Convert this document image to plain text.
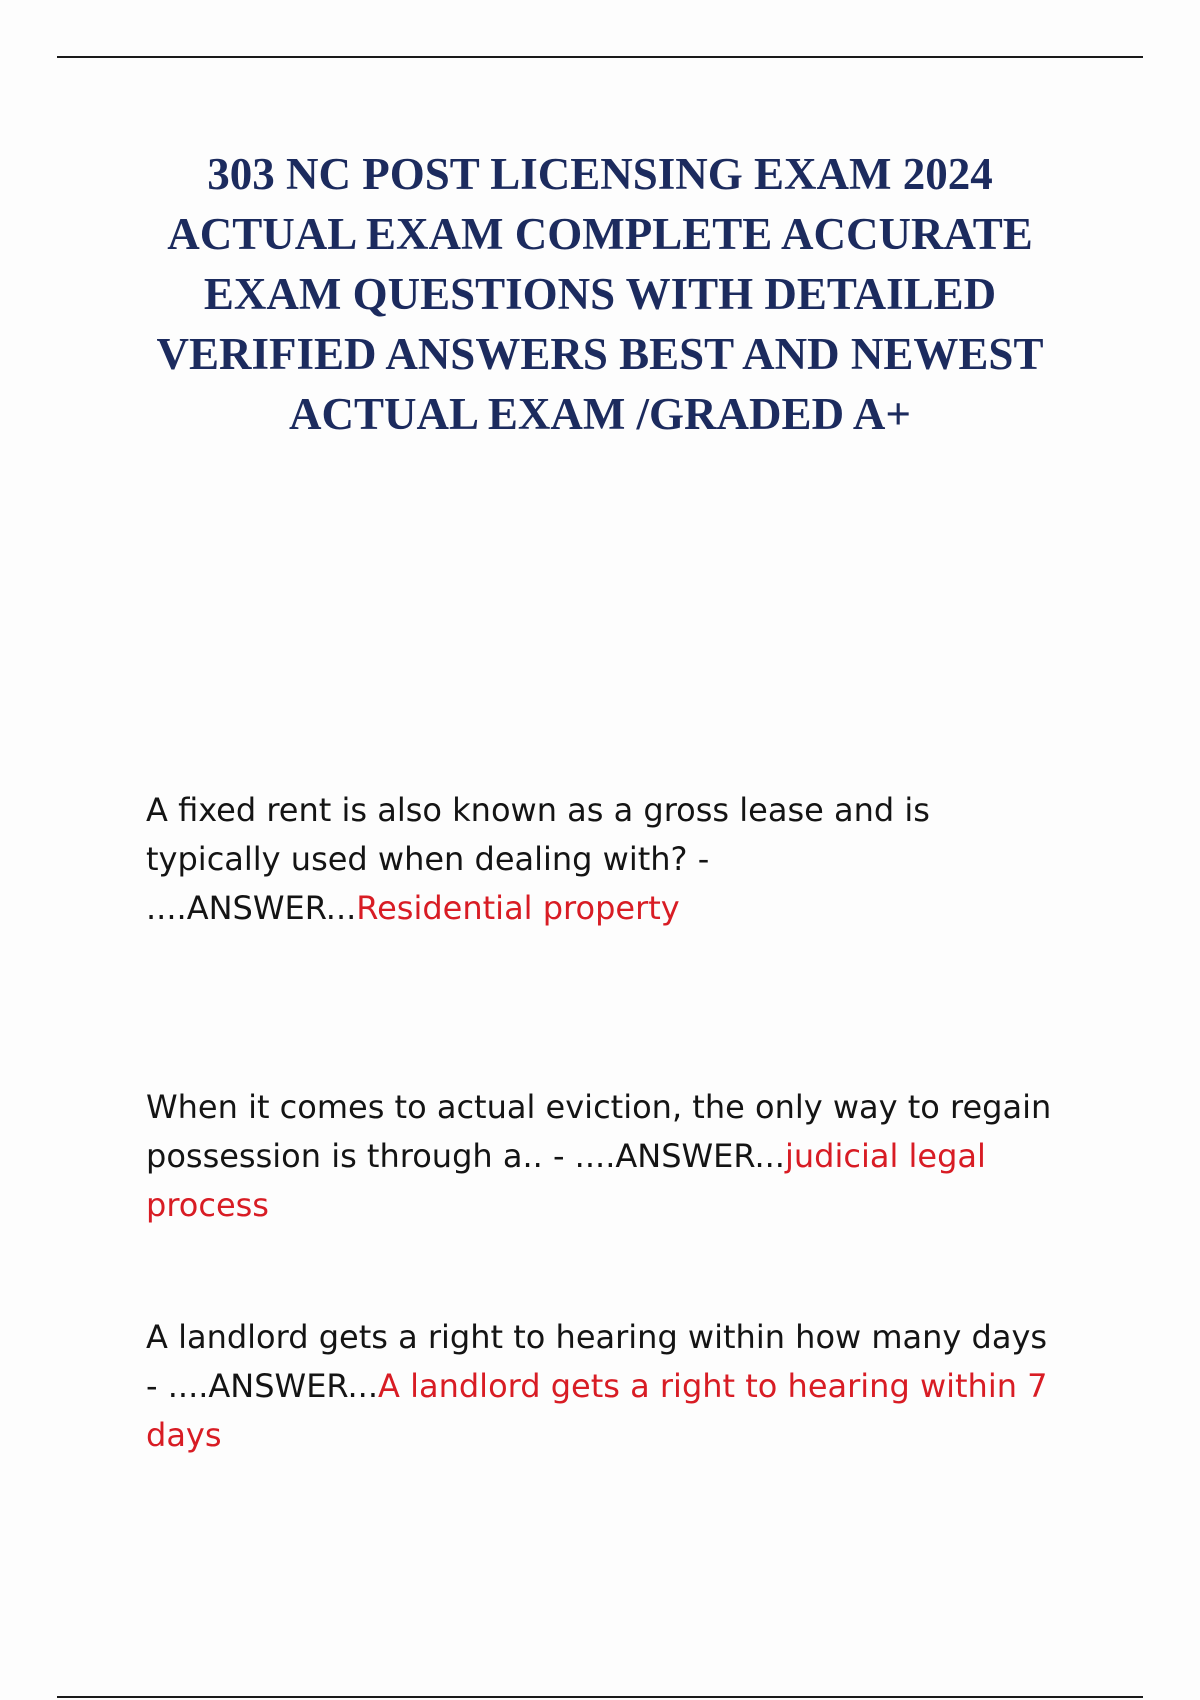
303 NC POST LICENSING EXAM 2024 ACTUAL EXAM COMPLETE ACCURATE EXAM QUESTIONS WITH DETAILED VERIFIED ANSWERS BEST AND NEWEST ACTUAL EXAM /GRADED A+

A fixed rent is also known as a gross lease and is typically used when dealing with? - ....ANSWER...Residential property

When it comes to actual eviction, the only way to regain possession is through a.. - ....ANSWER...judicial legal process

A landlord gets a right to hearing within how many days - ....ANSWER...A landlord gets a right to hearing within 7 days
